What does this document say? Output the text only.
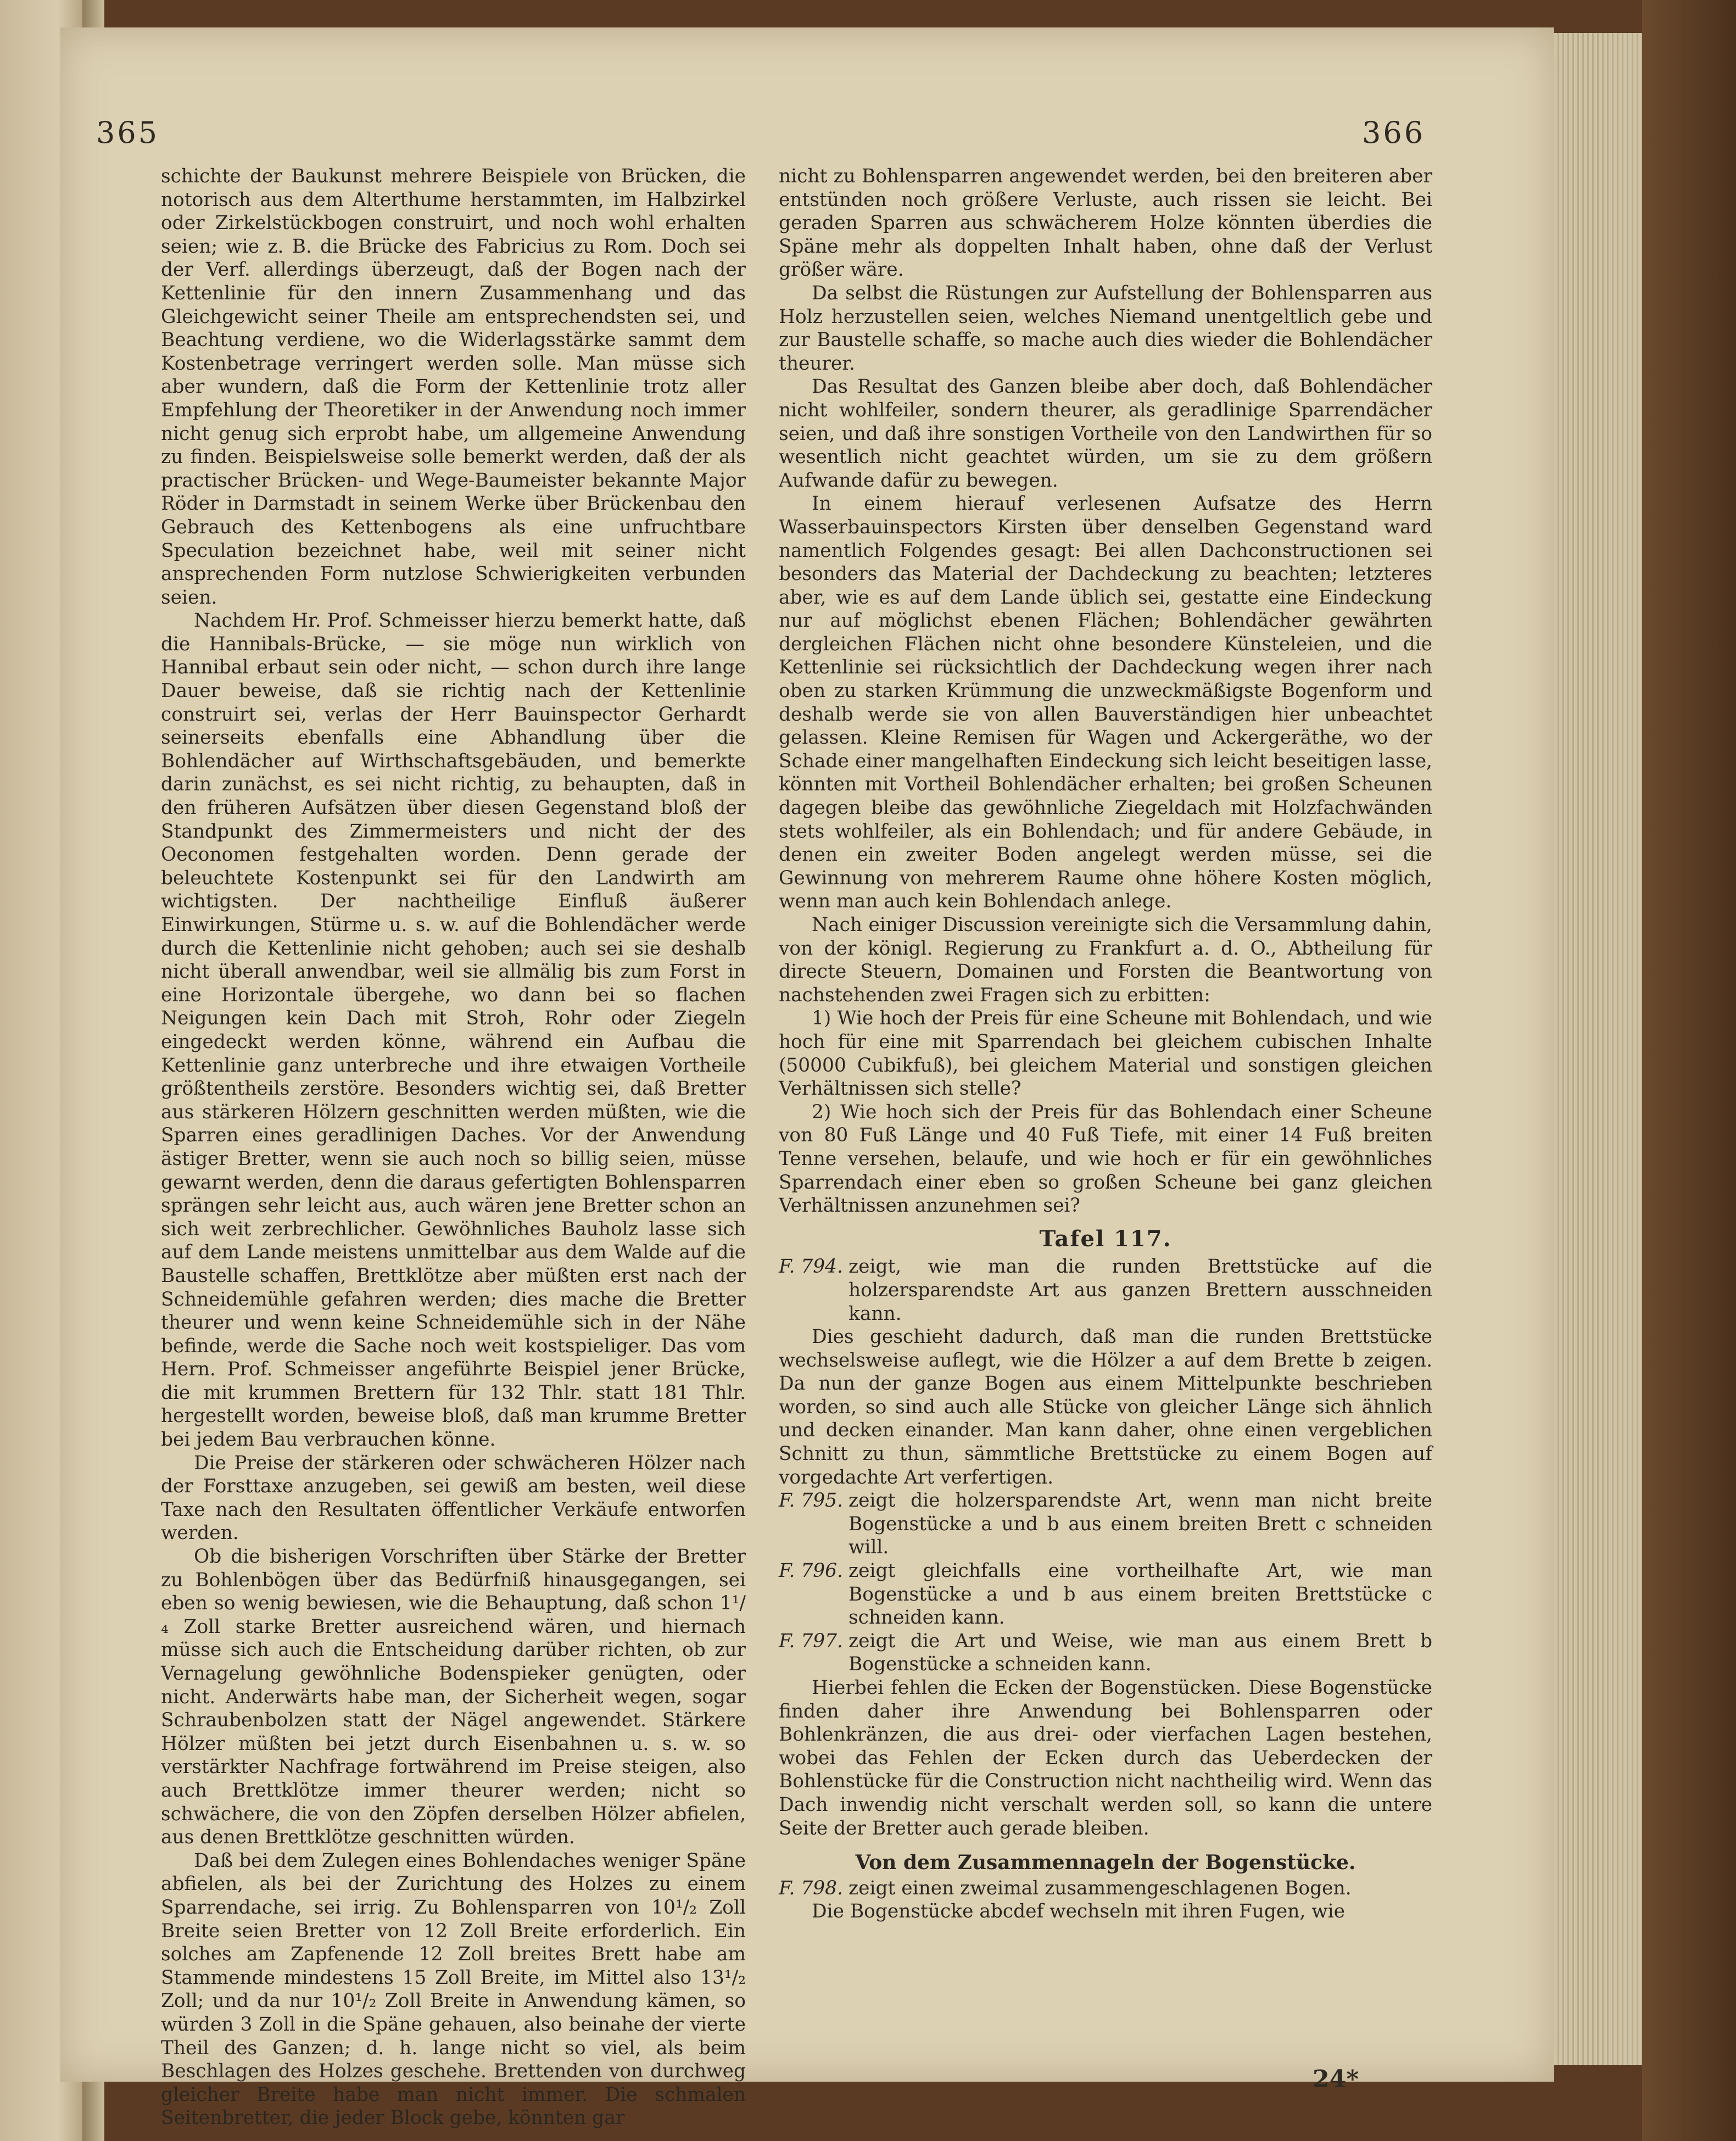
365	366

schichte der Baukunst mehrere Beispiele von Brücken, die notorisch aus dem Alterthume herstammten, im Halbzirkel oder Zirkelstückbogen construirt, und noch wohl erhalten seien; wie z. B. die Brücke des Fabricius zu Rom. Doch sei der Verf. allerdings überzeugt, daß der Bogen nach der Kettenlinie für den innern Zusammenhang und das Gleichgewicht seiner Theile am entsprechendsten sei, und Beachtung verdiene, wo die Widerlagsstärke sammt dem Kostenbetrage verringert werden solle. Man müsse sich aber wundern, daß die Form der Kettenlinie trotz aller Empfehlung der Theoretiker in der Anwendung noch immer nicht genug sich erprobt habe, um allgemeine Anwendung zu finden. Beispielsweise solle bemerkt werden, daß der als practischer Brücken- und Wege-Baumeister bekannte Major Röder in Darmstadt in seinem Werke über Brückenbau den Gebrauch des Kettenbogens als eine unfruchtbare Speculation bezeichnet habe, weil mit seiner nicht ansprechenden Form nutzlose Schwierigkeiten verbunden seien.

Nachdem Hr. Prof. Schmeisser hierzu bemerkt hatte, daß die Hannibals-Brücke, — sie möge nun wirklich von Hannibal erbaut sein oder nicht, — schon durch ihre lange Dauer beweise, daß sie richtig nach der Kettenlinie construirt sei, verlas der Herr Bauinspector Gerhardt seinerseits ebenfalls eine Abhandlung über die Bohlendächer auf Wirthschaftsgebäuden, und bemerkte darin zunächst, es sei nicht richtig, zu behaupten, daß in den früheren Aufsätzen über diesen Gegenstand bloß der Standpunkt des Zimmermeisters und nicht der des Oeconomen festgehalten worden. Denn gerade der beleuchtete Kostenpunkt sei für den Landwirth am wichtigsten. Der nachtheilige Einfluß äußerer Einwirkungen, Stürme u. s. w. auf die Bohlendächer werde durch die Kettenlinie nicht gehoben; auch sei sie deshalb nicht überall anwendbar, weil sie allmälig bis zum Forst in eine Horizontale übergehe, wo dann bei so flachen Neigungen kein Dach mit Stroh, Rohr oder Ziegeln eingedeckt werden könne, während ein Aufbau die Kettenlinie ganz unterbreche und ihre etwaigen Vortheile größtentheils zerstöre. Besonders wichtig sei, daß Bretter aus stärkeren Hölzern geschnitten werden müßten, wie die Sparren eines geradlinigen Daches. Vor der Anwendung ästiger Bretter, wenn sie auch noch so billig seien, müsse gewarnt werden, denn die daraus gefertigten Bohlensparren sprängen sehr leicht aus, auch wären jene Bretter schon an sich weit zerbrechlicher. Gewöhnliches Bauholz lasse sich auf dem Lande meistens unmittelbar aus dem Walde auf die Baustelle schaffen, Brettklötze aber müßten erst nach der Schneidemühle gefahren werden; dies mache die Bretter theurer und wenn keine Schneidemühle sich in der Nähe befinde, werde die Sache noch weit kostspieliger. Das vom Hern. Prof. Schmeisser angeführte Beispiel jener Brücke, die mit krummen Brettern für 132 Thlr. statt 181 Thlr. hergestellt worden, beweise bloß, daß man krumme Bretter bei jedem Bau verbrauchen könne.

Die Preise der stärkeren oder schwächeren Hölzer nach der Forsttaxe anzugeben, sei gewiß am besten, weil diese Taxe nach den Resultaten öffentlicher Verkäufe entworfen werden.

Ob die bisherigen Vorschriften über Stärke der Bretter zu Bohlenbögen über das Bedürfniß hinausgegangen, sei eben so wenig bewiesen, wie die Behauptung, daß schon 1¹/₄ Zoll starke Bretter ausreichend wären, und hiernach müsse sich auch die Entscheidung darüber richten, ob zur Vernagelung gewöhnliche Bodenspieker genügten, oder nicht. Anderwärts habe man, der Sicherheit wegen, sogar Schraubenbolzen statt der Nägel angewendet. Stärkere Hölzer müßten bei jetzt durch Eisenbahnen u. s. w. so verstärkter Nachfrage fortwährend im Preise steigen, also auch Brettklötze immer theurer werden; nicht so schwächere, die von den Zöpfen derselben Hölzer abfielen, aus denen Brettklötze geschnitten würden.

Daß bei dem Zulegen eines Bohlendaches weniger Späne abfielen, als bei der Zurichtung des Holzes zu einem Sparrendache, sei irrig. Zu Bohlensparren von 10¹/₂ Zoll Breite seien Bretter von 12 Zoll Breite erforderlich. Ein solches am Zapfenende 12 Zoll breites Brett habe am Stammende mindestens 15 Zoll Breite, im Mittel also 13¹/₂ Zoll; und da nur 10¹/₂ Zoll Breite in Anwendung kämen, so würden 3 Zoll in die Späne gehauen, also beinahe der vierte Theil des Ganzen; d. h. lange nicht so viel, als beim Beschlagen des Holzes geschehe. Brettenden von durchweg gleicher Breite habe man nicht immer. Die schmalen Seitenbretter, die jeder Block gebe, könnten gar

nicht zu Bohlensparren angewendet werden, bei den breiteren aber entstünden noch größere Verluste, auch rissen sie leicht. Bei geraden Sparren aus schwächerem Holze könnten überdies die Späne mehr als doppelten Inhalt haben, ohne daß der Verlust größer wäre.

Da selbst die Rüstungen zur Aufstellung der Bohlensparren aus Holz herzustellen seien, welches Niemand unentgeltlich gebe und zur Baustelle schaffe, so mache auch dies wieder die Bohlendächer theurer.

Das Resultat des Ganzen bleibe aber doch, daß Bohlendächer nicht wohlfeiler, sondern theurer, als geradlinige Sparrendächer seien, und daß ihre sonstigen Vortheile von den Landwirthen für so wesentlich nicht geachtet würden, um sie zu dem größern Aufwande dafür zu bewegen.

In einem hierauf verlesenen Aufsatze des Herrn Wasserbauinspectors Kirsten über denselben Gegenstand ward namentlich Folgendes gesagt: Bei allen Dachconstructionen sei besonders das Material der Dachdeckung zu beachten; letzteres aber, wie es auf dem Lande üblich sei, gestatte eine Eindeckung nur auf möglichst ebenen Flächen; Bohlendächer gewährten dergleichen Flächen nicht ohne besondere Künsteleien, und die Kettenlinie sei rücksichtlich der Dachdeckung wegen ihrer nach oben zu starken Krümmung die unzweckmäßigste Bogenform und deshalb werde sie von allen Bauverständigen hier unbeachtet gelassen. Kleine Remisen für Wagen und Ackergeräthe, wo der Schade einer mangelhaften Eindeckung sich leicht beseitigen lasse, könnten mit Vortheil Bohlendächer erhalten; bei großen Scheunen dagegen bleibe das gewöhnliche Ziegeldach mit Holzfachwänden stets wohlfeiler, als ein Bohlendach; und für andere Gebäude, in denen ein zweiter Boden angelegt werden müsse, sei die Gewinnung von mehrerem Raume ohne höhere Kosten möglich, wenn man auch kein Bohlendach anlege.

Nach einiger Discussion vereinigte sich die Versammlung dahin, von der königl. Regierung zu Frankfurt a. d. O., Abtheilung für directe Steuern, Domainen und Forsten die Beantwortung von nachstehenden zwei Fragen sich zu erbitten:

1) Wie hoch der Preis für eine Scheune mit Bohlendach, und wie hoch für eine mit Sparrendach bei gleichem cubischen Inhalte (50000 Cubikfuß), bei gleichem Material und sonstigen gleichen Verhältnissen sich stelle?

2) Wie hoch sich der Preis für das Bohlendach einer Scheune von 80 Fuß Länge und 40 Fuß Tiefe, mit einer 14 Fuß breiten Tenne versehen, belaufe, und wie hoch er für ein gewöhnliches Sparrendach einer eben so großen Scheune bei ganz gleichen Verhältnissen anzunehmen sei?

Tafel 117.

F. 794. zeigt, wie man die runden Brettstücke auf die holzersparendste Art aus ganzen Brettern ausschneiden kann.

Dies geschieht dadurch, daß man die runden Brettstücke wechselsweise auflegt, wie die Hölzer a auf dem Brette b zeigen. Da nun der ganze Bogen aus einem Mittelpunkte beschrieben worden, so sind auch alle Stücke von gleicher Länge sich ähnlich und decken einander. Man kann daher, ohne einen vergeblichen Schnitt zu thun, sämmtliche Brettstücke zu einem Bogen auf vorgedachte Art verfertigen.

F. 795. zeigt die holzersparendste Art, wenn man nicht breite Bogenstücke a und b aus einem breiten Brett c schneiden will.

F. 796. zeigt gleichfalls eine vortheilhafte Art, wie man Bogenstücke a und b aus einem breiten Brettstücke c schneiden kann.

F. 797. zeigt die Art und Weise, wie man aus einem Brett b Bogenstücke a schneiden kann.

Hierbei fehlen die Ecken der Bogenstücken. Diese Bogenstücke finden daher ihre Anwendung bei Bohlensparren oder Bohlenkränzen, die aus drei- oder vierfachen Lagen bestehen, wobei das Fehlen der Ecken durch das Ueberdecken der Bohlenstücke für die Construction nicht nachtheilig wird. Wenn das Dach inwendig nicht verschalt werden soll, so kann die untere Seite der Bretter auch gerade bleiben.

Von dem Zusammennageln der Bogenstücke.

F. 798. zeigt einen zweimal zusammengeschlagenen Bogen.

Die Bogenstücke abcdef wechseln mit ihren Fugen, wie

24*
